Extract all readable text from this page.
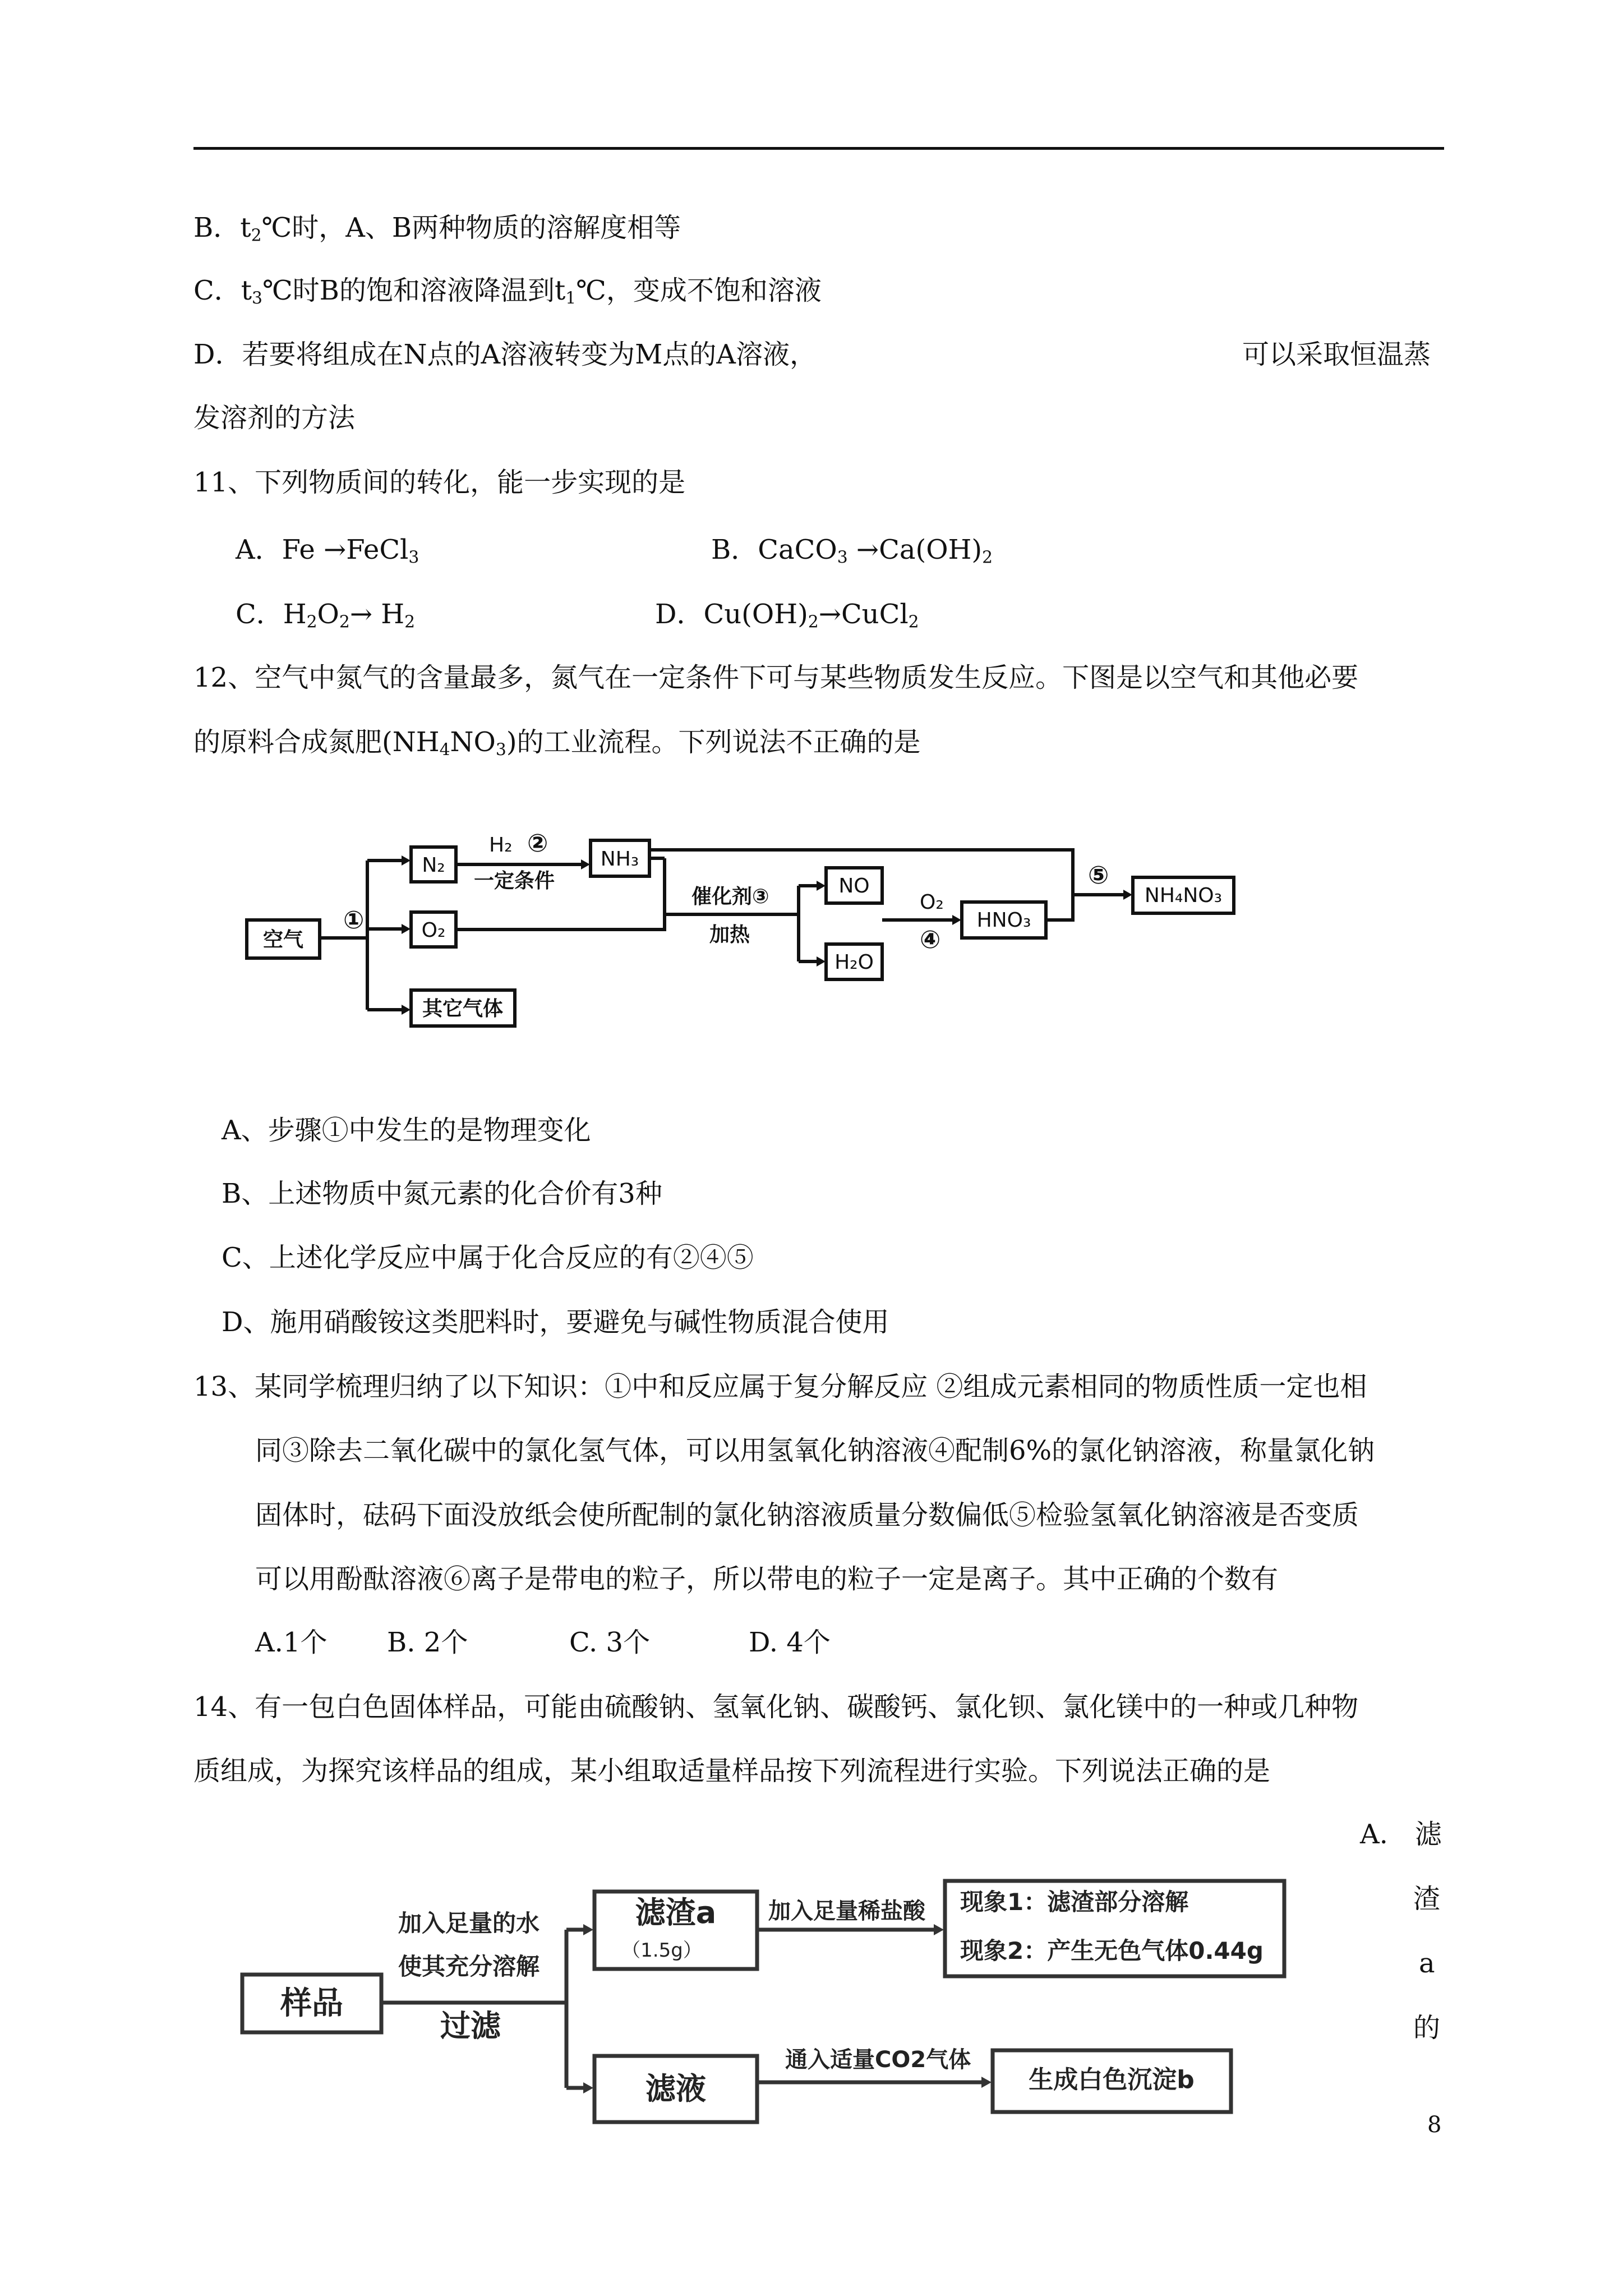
B．$t_2℃$时，A、B两种物质的溶解度相等
C．$t_3℃$时B的饱和溶液降温到$t_1℃$，变成不饱和溶液
D．若要将组成在N点的A溶液转变为M点的A溶液，	可以采取恒温蒸
发溶剂的方法
11、下列物质间的转化，能一步实现的是
A．Fe →FeCl$_3$	B．CaCO$_3$ $\to Ca(OH)_2$
C．$H_2O_2\to H_2$	D．$Cu(OH)_2\to CuCl_2$
12、空气中氮气的含量最多，氮气在一定条件下可与某些物质发生反应。下图是以空气和其他必要
的原料合成氮肥$(NH_4NO_3)$的工业流程。下列说法不正确的是
空气
N₂
O₂
其它气体
NH₃
NO
H₂O
HNO₃
NH₄NO₃
H₂
一定条件
催化剂③
加热
O₂
①
②
④
⑤
A、步骤①中发生的是物理变化
B、上述物质中氮元素的化合价有3种
C、上述化学反应中属于化合反应的有②④⑤
D、施用硝酸铵这类肥料时，要避免与碱性物质混合使用
13、某同学梳理归纳了以下知识：①中和反应属于复分解反应 ②组成元素相同的物质性质一定也相
同③除去二氧化碳中的氯化氢气体，可以用氢氧化钠溶液④配制6%的氯化钠溶液，称量氯化钠
固体时，砝码下面没放纸会使所配制的氯化钠溶液质量分数偏低⑤检验氢氧化钠溶液是否变质
可以用酚酞溶液⑥离子是带电的粒子，所以带电的粒子一定是离子。其中正确的个数有
A.1个 B. 2个	C. 3个	D. 4个
14、有一包白色固体样品，可能由硫酸钠、氢氧化钠、碳酸钙、氯化钡、氯化镁中的一种或几种物
质组成，为探究该样品的组成，某小组取适量样品按下列流程进行实验。下列说法正确的是
A.　滤
渣
a
的
样品
加入足量的水
使其充分溶解
过滤
滤渣a
（1.5g）
滤液
加入足量稀盐酸 现象1：滤渣部分溶解
现象2：产生无色气体0.44g
通入适量CO2气体
生成白色沉淀b
8
